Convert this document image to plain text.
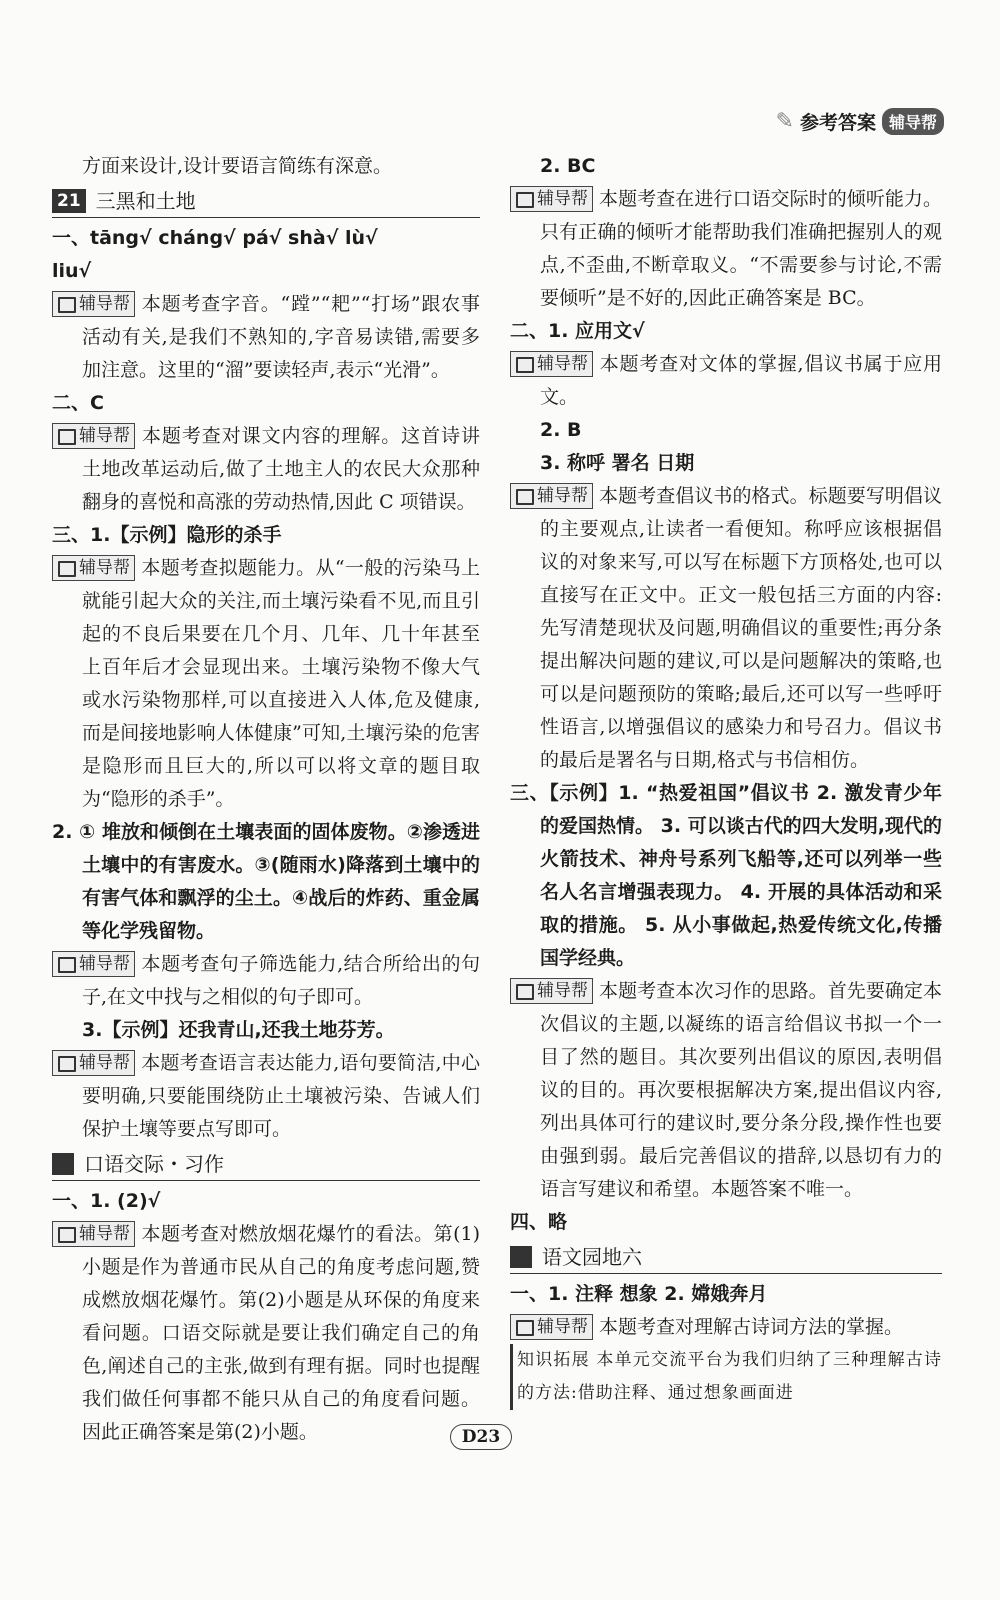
✎ 参考答案 辅导帮
方面来设计,设计要语言简练有深意。
21 三黑和土地
一、tāng√ cháng√ pá√ shà√ lù√
liu√
辅导帮 本题考查字音。“蹚”“耙”“打场”跟农事活动有关,是我们不熟知的,字音易读错,需要多加注意。这里的“溜”要读轻声,表示“光滑”。
二、C
辅导帮 本题考查对课文内容的理解。这首诗讲土地改革运动后,做了土地主人的农民大众那种翻身的喜悦和高涨的劳动热情,因此 C 项错误。
三、1.【示例】隐形的杀手
辅导帮 本题考查拟题能力。从“一般的污染马上就能引起大众的关注,而土壤污染看不见,而且引起的不良后果要在几个月、几年、几十年甚至上百年后才会显现出来。土壤污染物不像大气或水污染物那样,可以直接进入人体,危及健康,而是间接地影响人体健康”可知,土壤污染的危害是隐形而且巨大的,所以可以将文章的题目取为“隐形的杀手”。
2. ① 堆放和倾倒在土壤表面的固体废物。②渗透进土壤中的有害废水。③(随雨水)降落到土壤中的有害气体和飘浮的尘土。④战后的炸药、重金属等化学残留物。
辅导帮 本题考查句子筛选能力,结合所给出的句子,在文中找与之相似的句子即可。
3.【示例】还我青山,还我土地芬芳。
辅导帮 本题考查语言表达能力,语句要简洁,中心要明确,只要能围绕防止土壤被污染、告诫人们保护土壤等要点写即可。
口语交际・习作
一、1. (2)√
辅导帮 本题考查对燃放烟花爆竹的看法。第(1)小题是作为普通市民从自己的角度考虑问题,赞成燃放烟花爆竹。第(2)小题是从环保的角度来看问题。口语交际就是要让我们确定自己的角色,阐述自己的主张,做到有理有据。同时也提醒我们做任何事都不能只从自己的角度看问题。因此正确答案是第(2)小题。
2. BC
辅导帮 本题考查在进行口语交际时的倾听能力。只有正确的倾听才能帮助我们准确把握别人的观点,不歪曲,不断章取义。“不需要参与讨论,不需要倾听”是不好的,因此正确答案是 BC。
二、1. 应用文√
辅导帮 本题考查对文体的掌握,倡议书属于应用文。
2. B
3. 称呼 署名 日期
辅导帮 本题考查倡议书的格式。标题要写明倡议的主要观点,让读者一看便知。称呼应该根据倡议的对象来写,可以写在标题下方顶格处,也可以直接写在正文中。正文一般包括三方面的内容:先写清楚现状及问题,明确倡议的重要性;再分条提出解决问题的建议,可以是问题解决的策略,也可以是问题预防的策略;最后,还可以写一些呼吁性语言,以增强倡议的感染力和号召力。倡议书的最后是署名与日期,格式与书信相仿。
三、【示例】1. “热爱祖国”倡议书 2. 激发青少年的爱国热情。 3. 可以谈古代的四大发明,现代的火箭技术、神舟号系列飞船等,还可以列举一些名人名言增强表现力。 4. 开展的具体活动和采取的措施。 5. 从小事做起,热爱传统文化,传播国学经典。
辅导帮 本题考查本次习作的思路。首先要确定本次倡议的主题,以凝练的语言给倡议书拟一个一目了然的题目。其次要列出倡议的原因,表明倡议的目的。再次要根据解决方案,提出倡议内容,列出具体可行的建议时,要分条分段,操作性也要由强到弱。最后完善倡议的措辞,以恳切有力的语言写建议和希望。本题答案不唯一。
四、略
语文园地六
一、1. 注释 想象 2. 嫦娥奔月
辅导帮 本题考查对理解古诗词方法的掌握。
知识拓展 本单元交流平台为我们归纳了三种理解古诗的方法:借助注释、通过想象画面进
D23
